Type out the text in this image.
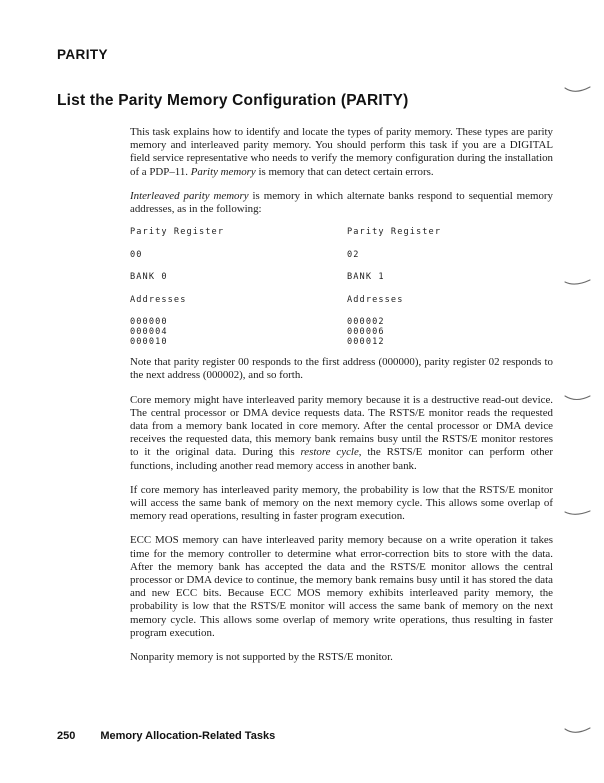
PARITY
List the Parity Memory Configuration (PARITY)

This task explains how to identify and locate the types of parity memory. These types are parity memory and interleaved parity memory. You should perform this task if you are a DIGITAL field service representative who needs to verify the memory configuration during the installation of a PDP–11. Parity memory is memory that can detect certain errors.

Interleaved parity memory is memory in which alternate banks respond to sequential memory addresses, as in the following:

Parity Register
00
BANK 0
Addresses
000000
000004
000010
Parity Register
02
BANK 1
Addresses
000002
000006
000012

Note that parity register 00 responds to the first address (000000), parity register 02 responds to the next address (000002), and so forth.

Core memory might have interleaved parity memory because it is a destructive read-out device. The central processor or DMA device requests data. The RSTS/E monitor reads the requested data from a memory bank located in core memory. After the cental processor or DMA device receives the requested data, this memory bank remains busy until the RSTS/E monitor restores to it the original data. During this restore cycle, the RSTS/E monitor can perform other functions, including another read memory access in another bank.

If core memory has interleaved parity memory, the probability is low that the RSTS/E monitor will access the same bank of memory on the next memory cycle. This allows some overlap of memory read operations, resulting in faster program execution.

ECC MOS memory can have interleaved parity memory because on a write operation it takes time for the memory controller to determine what error-correction bits to store with the data. After the memory bank has accepted the data and the RSTS/E monitor allows the central processor or DMA device to continue, the memory bank remains busy until it has stored the data and new ECC bits. Because ECC MOS memory exhibits interleaved parity memory, the probability is low that the RSTS/E monitor will access the same bank of memory on the next memory cycle. This allows some overlap of memory write operations, thus resulting in faster program execution.

Nonparity memory is not supported by the RSTS/E monitor.

250 Memory Allocation-Related Tasks
